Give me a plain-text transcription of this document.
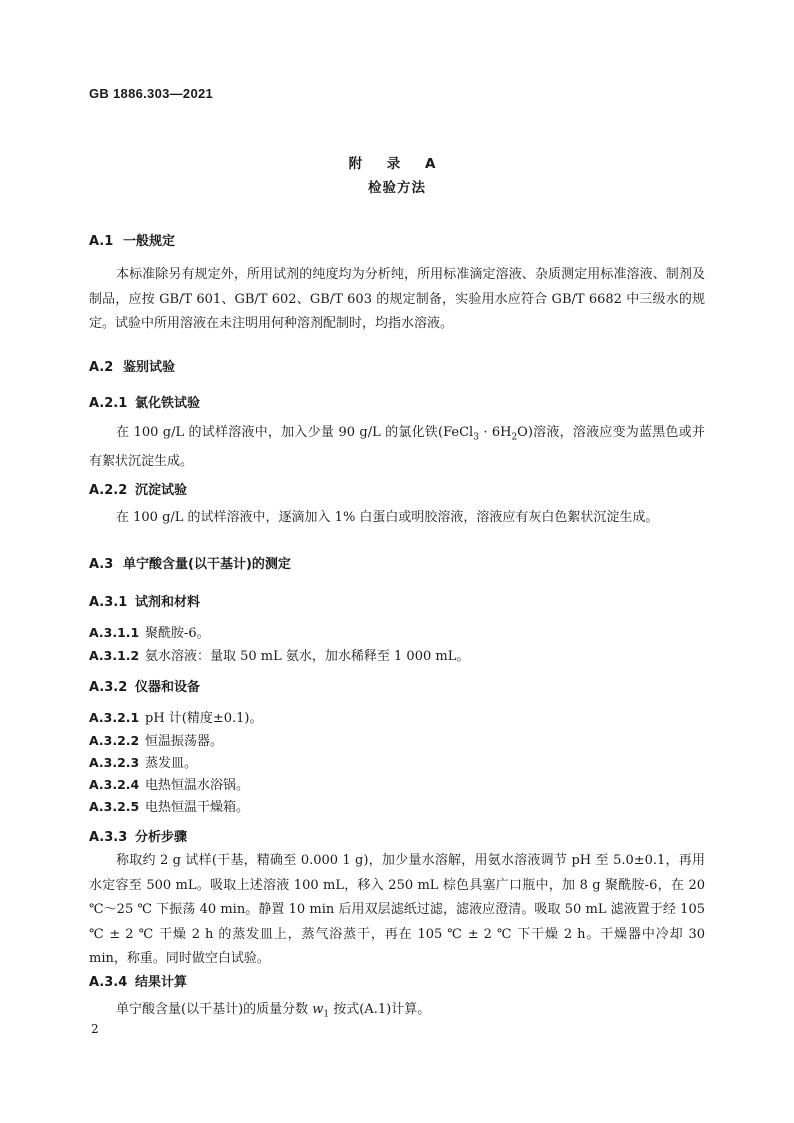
GB 1886.303—2021
附 录 A
检验方法
A.1 一般规定
本标准除另有规定外，所用试剂的纯度均为分析纯，所用标准滴定溶液、杂质测定用标准溶液、制剂及制品，应按 GB/T 601、GB/T 602、GB/T 603 的规定制备，实验用水应符合 GB/T 6682 中三级水的规定。试验中所用溶液在未注明用何种溶剂配制时，均指水溶液。
A.2 鉴别试验
A.2.1 氯化铁试验
在 100 g/L 的试样溶液中，加入少量 90 g/L 的氯化铁(FeCl$_3$ · $6H_2O$)溶液，溶液应变为蓝黑色或并有絮状沉淀生成。
A.2.2 沉淀试验
在 100 g/L 的试样溶液中，逐滴加入 1% 白蛋白或明胶溶液，溶液应有灰白色絮状沉淀生成。
A.3 单宁酸含量(以干基计)的测定
A.3.1 试剂和材料
A.3.1.1 聚酰胺-6。
A.3.1.2 氨水溶液：量取 50 mL 氨水，加水稀释至 1 000 mL。
A.3.2 仪器和设备
A.3.2.1 pH 计(精度±0.1)。
A.3.2.2 恒温振荡器。
A.3.2.3 蒸发皿。
A.3.2.4 电热恒温水浴锅。
A.3.2.5 电热恒温干燥箱。
A.3.3 分析步骤
称取约 2 g 试样(干基，精确至 0.000 1 g)，加少量水溶解，用氨水溶液调节 pH 至 5.0±0.1，再用水定容至 500 mL。吸取上述溶液 100 mL，移入 250 mL 棕色具塞广口瓶中，加 8 g 聚酰胺-6，在 20 ℃～25 ℃ 下振荡 40 min。静置 10 min 后用双层滤纸过滤，滤液应澄清。吸取 50 mL 滤液置于经 105 ℃ ± 2 ℃ 干燥 2 h 的蒸发皿上，蒸气浴蒸干，再在 105 ℃ ± 2 ℃ 下干燥 2 h。干燥器中冷却 30 min，称重。同时做空白试验。
A.3.4 结果计算
单宁酸含量(以干基计)的质量分数 $w_1$ 按式(A.1)计算。
2
